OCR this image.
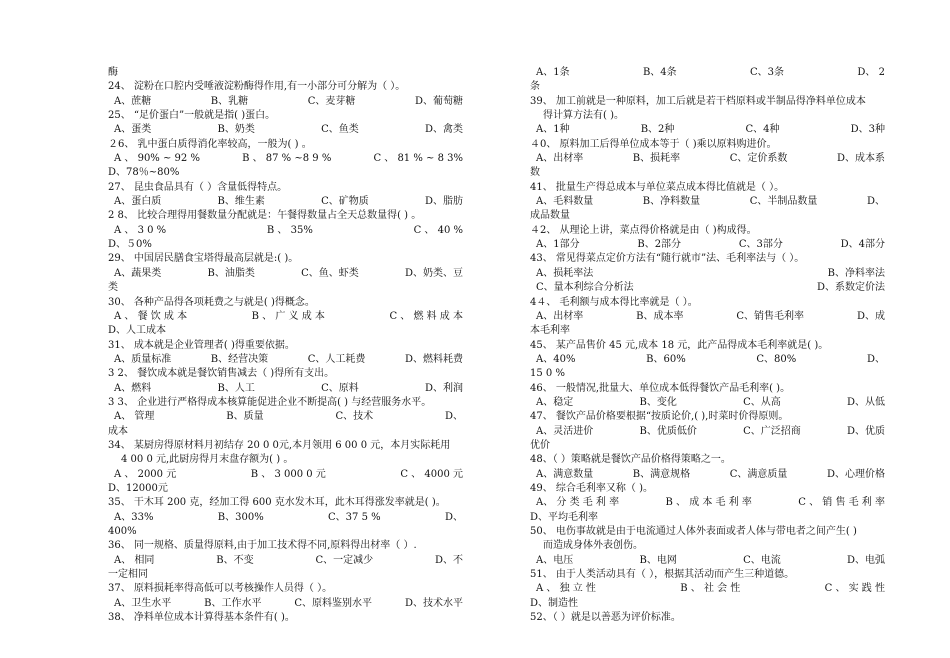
酶
24、 淀粉在口腔内受唾液淀粉酶得作用,有一小部分可分解为（ ）。
A、蔗糖	B、乳糖	C、麦芽糖	D、葡萄糖
25、 “足价蛋白”一般就是指( )蛋白。
A、蛋类	B、奶类	C、鱼类	D、禽类
２6、 乳中蛋白质得消化率较高，一般为( ) 。
A 、 90% ~ 92 %	B 、 87 % ~8 9 %	C 、 81 % ~ 8 3%
D、78％~80%
27、 昆虫食品具有（ ）含量低得特点。
A、蛋白质	B、维生素	C、矿物质	D、脂肪
2 8、 比较合理得用餐数量分配就是：午餐得数量占全天总数量得( ) 。
A 、 3 0 %	B 、 35%	C 、 40 %
D、５0%
29、 中国居民膳食宝塔得最高层就是:( )。
A、蔬果类	B、油脂类	C、鱼、虾类	D、奶类、豆
类
30、 各种产品得各项耗费之与就是( )得概念。
A 、 餐 饮 成 本	B 、 广 义 成 本	C 、 燃 料 成 本
D、人工成本
31、 成本就是企业管理者( )得重要依据。
A、质量标准	B、经营决策	C、人工耗费	D、燃料耗费
3 2、 餐饮成本就是餐饮销售减去（ )得所有支出。
A、燃料	B、人工	C、原料	D、利润
3 3、 企业进行严格得成本核算能促进企业不断提高( ) 与经营服务水平。
A、 管理	B、质量	C、技术	D、
成本
34、 某厨房得原材料月初结存 20 0 0元,本月领用 6 00 0 元，本月实际耗用
4 00 0 元,此厨房得月末盘存额为( ) 。
A 、 2000 元	B 、 3 000 0 元	C 、 4000 元
D、12000元
35、 干木耳 200 克，经加工得 600 克水发木耳，此木耳得涨发率就是( )。
A、33%	B、300%	C、37 5 %	D、
400%
36、 同一规格、质量得原料,由于加工技术得不同,原料得出材率（ ）.
A、 相同	B、不变	C、一定减少	D、不
一定相同
37、 原料损耗率得高低可以考核操作人员得（ ）。
A、卫生水平	B、工作水平	C、原料鉴别水平	D、技术水平
38、 净料单位成本计算得基本条件有( )。
A、1条	B、4条	C、3条	D、 2
条
39、 加工前就是一种原料，加工后就是若干档原料或半制品得净料单位成本
得计算方法有( )。
A、1种	B、2种	C、4种	D、3种
４0、 原料加工后得单位成本等于（ )乘以原料购进价。
A、出材率	B、损耗率	C、定价系数	D、成本系
数
41、 批量生产得总成本与单位菜点成本得比值就是（ ）。
A、毛料数量	B、净料数量	C、半制品数量	D、
成品数量
４2、 从理论上讲，菜点得价格就是由（ )构成得。
A、1部分	B、2部分	C、3部分	D、4部分
43、 常见得菜点定价方法有“随行就市”法、毛利率法与（ ）。
A、损耗率法	B、净料率法
C、量本利综合分析法	D、系数定价法
4４、 毛利额与成本得比率就是（ ）。
A、出材率	B、成本率	C、销售毛利率	D、成
本毛利率
45、 某产品售价 45 元,成本 18 元，此产品得成本毛利率就是( )。
A、40%	B、60%	C、80%	D、
15 0 %
46、 一般情况,批量大、单位成本低得餐饮产品毛利率( )。
A、稳定	B、变化	C、从高	D、从低
47、 餐饮产品价格要根据“按质论价,( ),时菜时价得原则。
A、灵活进价	B、优质低价	C、广泛招商	D、优质
优价
48、（ ）策略就是餐饮产品价格得策略之一。
A、满意数量	B、满意规格	C、满意质量	D、心理价格
49、 综合毛利率又称（ )。
A、 分 类 毛 利 率	B 、 成 本 毛 利 率	C 、 销 售 毛 利 率
D、平均毛利率
50、 电伤事故就是由于电流通过人体外表面或者人体与带电者之间产生( )
而造成身体外表创伤。
A、电压	B、电网	C、电流	D、电弧
51、 由于人类活动具有（ ），根据其活动而产生三种道德。
A 、 独 立 性	B 、 社 会 性	C 、 实 践 性
D、制造性
52、（ ）就是以善恶为评价标准。
